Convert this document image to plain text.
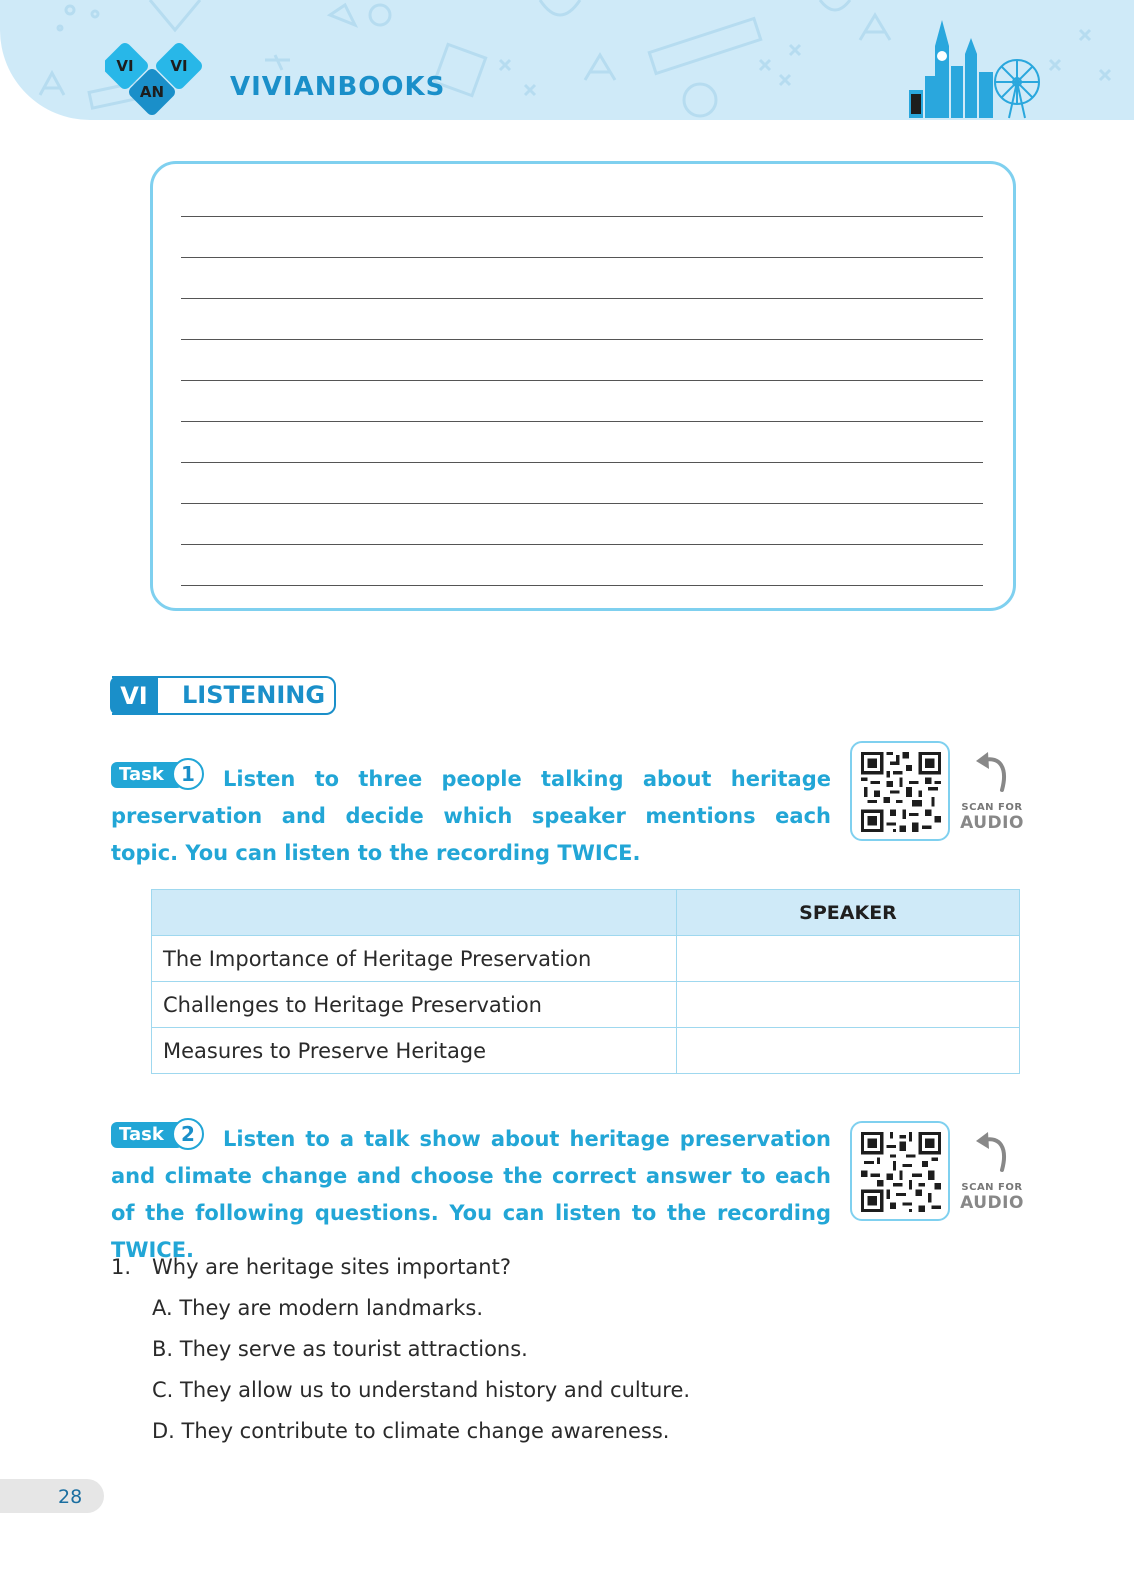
VI VI
AN	VIVIANBOOKS
VI	LISTENING

Task 1	Listen to three people talking about heritage preservation and decide which speaker mentions each topic. You can listen to the recording TWICE.

SCAN FOR
AUDIO
	SPEAKER
The Importance of Heritage Preservation	
Challenges to Heritage Preservation	
Measures to Preserve Heritage	

Task 2	Listen to a talk show about heritage preservation and climate change and choose the correct answer to each of the following questions. You can listen to the recording TWICE.

SCAN FOR
AUDIO
1. Why are heritage sites important?
A. They are modern landmarks.
B. They serve as tourist attractions.
C. They allow us to understand history and culture.
D. They contribute to climate change awareness.
28
